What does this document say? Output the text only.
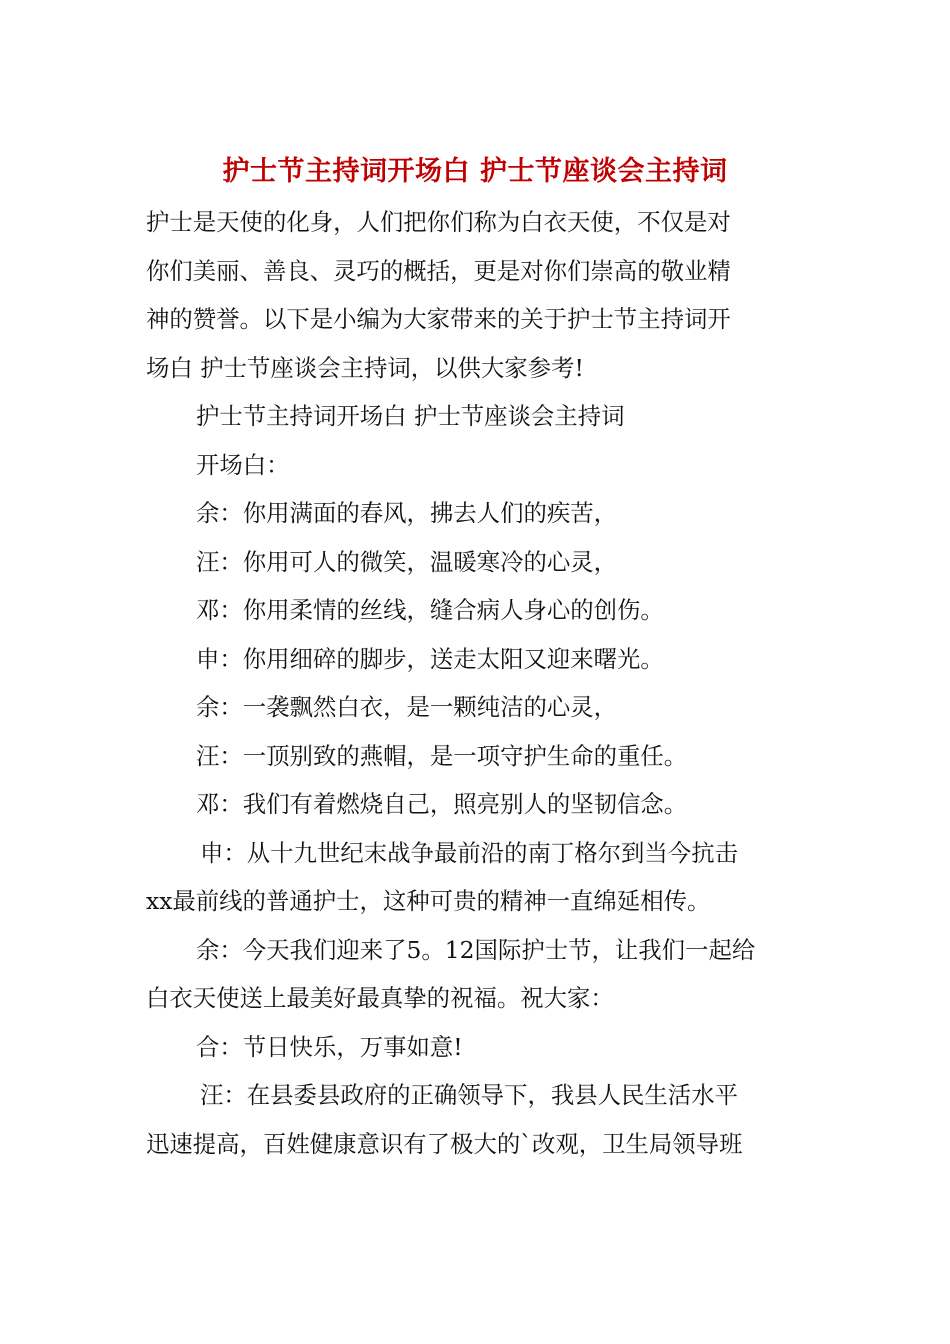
护士节主持词开场白 护士节座谈会主持词
护士是天使的化身，人们把你们称为白衣天使，不仅是对
你们美丽、善良、灵巧的概括，更是对你们崇高的敬业精
神的赞誉。以下是小编为大家带来的关于护士节主持词开
场白 护士节座谈会主持词，以供大家参考!
护士节主持词开场白 护士节座谈会主持词
开场白：
余：你用满面的春风，拂去人们的疾苦，
汪：你用可人的微笑，温暖寒冷的心灵，
邓：你用柔情的丝线，缝合病人身心的创伤。
申：你用细碎的脚步，送走太阳又迎来曙光。
余：一袭飘然白衣，是一颗纯洁的心灵，
汪：一顶别致的燕帽，是一项守护生命的重任。
邓：我们有着燃烧自己，照亮别人的坚韧信念。
申：从十九世纪末战争最前沿的南丁格尔到当今抗击
xx最前线的普通护士，这种可贵的精神一直绵延相传。
余：今天我们迎来了5。12国际护士节，让我们一起给
白衣天使送上最美好最真挚的祝福。祝大家：
合：节日快乐，万事如意!
汪：在县委县政府的正确领导下，我县人民生活水平
迅速提高，百姓健康意识有了极大的`改观，卫生局领导班
